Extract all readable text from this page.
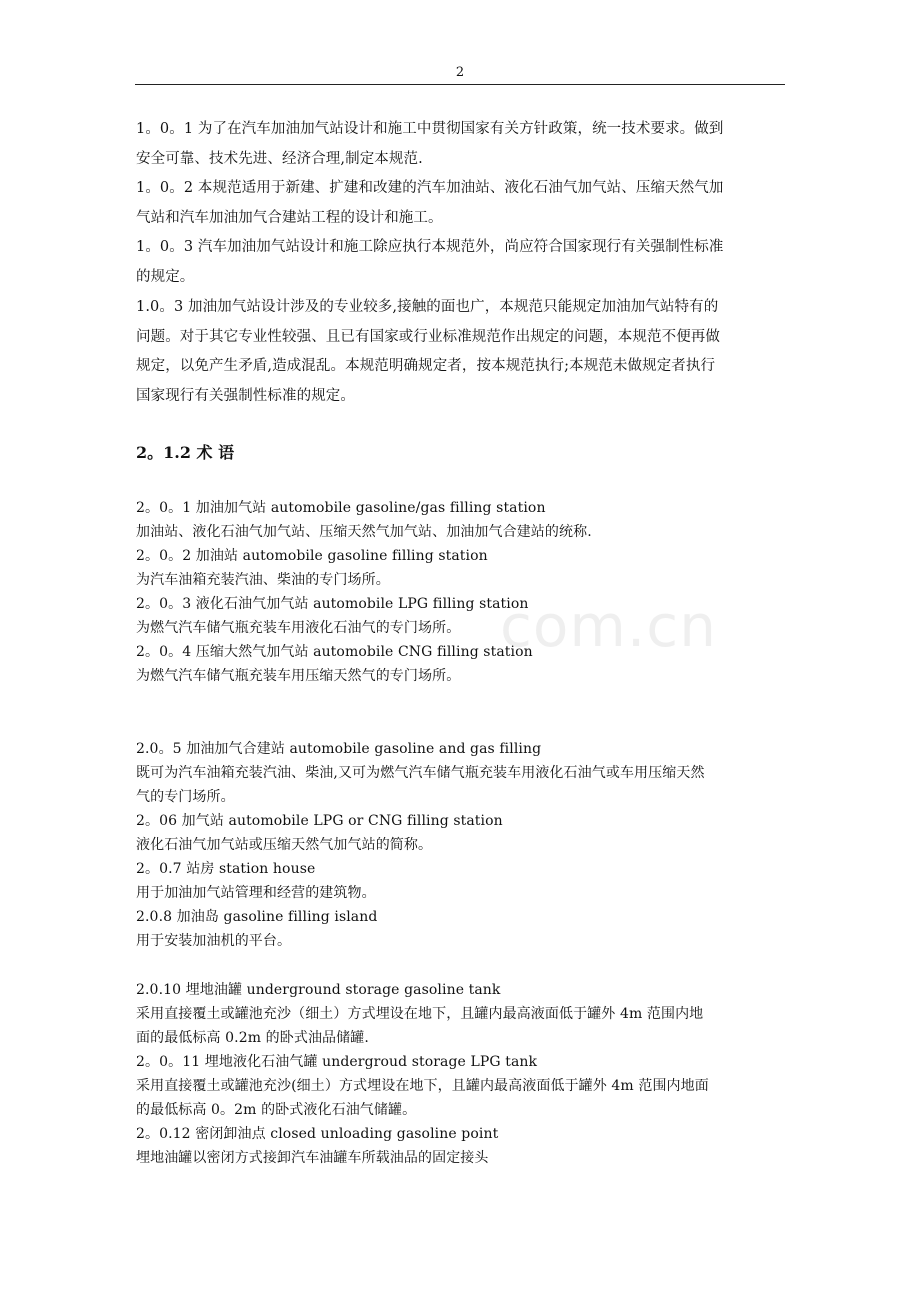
2
com.cn
1。0。1 为了在汽车加油加气站设计和施工中贯彻国家有关方针政策，统一技术要求。做到
安全可靠、技术先进、经济合理,制定本规范.
1。0。2 本规范适用于新建、扩建和改建的汽车加油站、液化石油气加气站、压缩天然气加
气站和汽车加油加气合建站工程的设计和施工。
1。0。3 汽车加油加气站设计和施工除应执行本规范外，尚应符合国家现行有关强制性标准
的规定。
1.0。3 加油加气站设计涉及的专业较多,接触的面也广，本规范只能规定加油加气站特有的
问题。对于其它专业性较强、且已有国家或行业标准规范作出规定的问题，本规范不便再做
规定，以免产生矛盾,造成混乱。本规范明确规定者，按本规范执行;本规范未做规定者执行
国家现行有关强制性标准的规定。
2。1.2 术 语
2。0。1 加油加气站 automobile gasoline/gas filling station
加油站、液化石油气加气站、压缩天然气加气站、加油加气合建站的统称.
2。0。2 加油站 automobile gasoline filling station
为汽车油箱充装汽油、柴油的专门场所。
2。0。3 液化石油气加气站 automobile LPG filling station
为燃气汽车储气瓶充装车用液化石油气的专门场所。
2。0。4 压缩大然气加气站 automobile CNG filling station
为燃气汽车储气瓶充装车用压缩天然气的专门场所。
2.0。5 加油加气合建站 automobile gasoline and gas filling
既可为汽车油箱充装汽油、柴油,又可为燃气汽车储气瓶充装车用液化石油气或车用压缩天然
气的专门场所。
2。06 加气站 automobile LPG or CNG filling station
液化石油气加气站或压缩天然气加气站的简称。
2。0.7 站房 station house
用于加油加气站管理和经营的建筑物。
2.0.8 加油岛 gasoline filling island
用于安装加油机的平台。
2.0.10 埋地油罐 underground storage gasoline tank
采用直接覆土或罐池充沙（细土）方式埋设在地下，且罐内最高液面低于罐外 4m 范围内地
面的最低标高 0.2m 的卧式油品储罐.
2。0。11 埋地液化石油气罐 undergroud storage LPG tank
采用直接覆土或罐池充沙(细土）方式埋设在地下，且罐内最高液面低于罐外 4m 范围内地面
的最低标高 0。2m 的卧式液化石油气储罐。
2。0.12 密闭卸油点 closed unloading gasoline point
埋地油罐以密闭方式接卸汽车油罐车所载油品的固定接头
